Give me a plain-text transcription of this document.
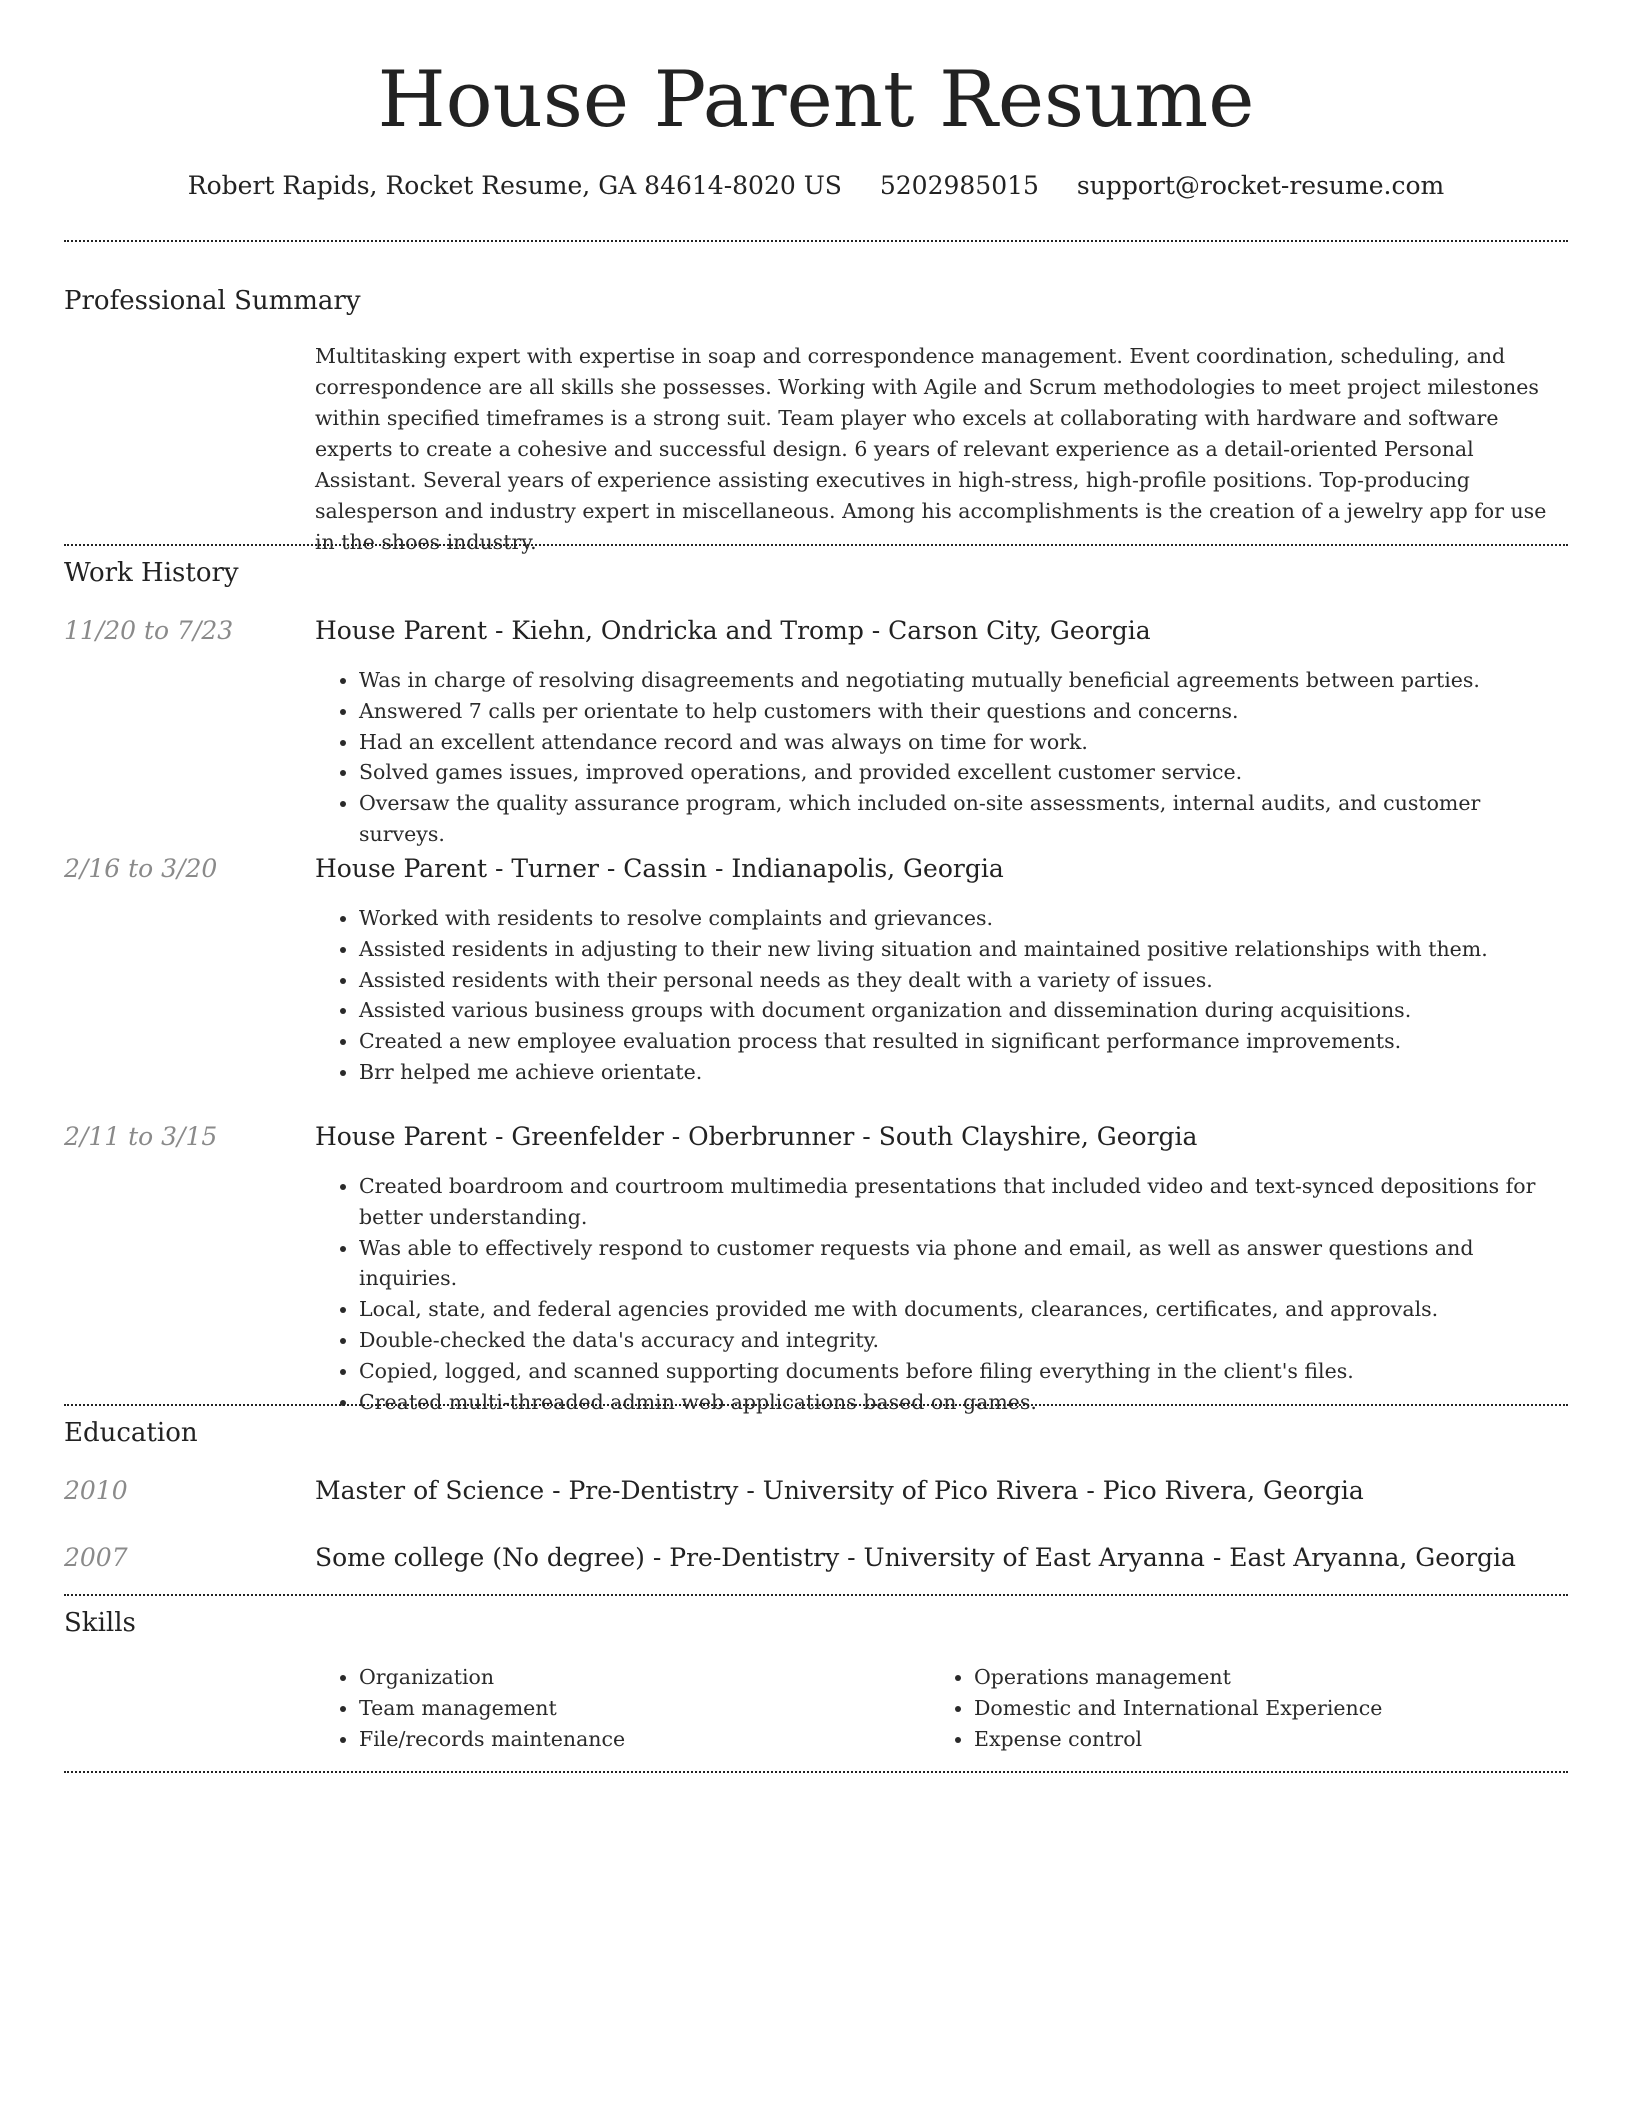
House Parent Resume
Robert Rapids, Rocket Resume, GA 84614-8020 US 5202985015 support@rocket-resume.com
Professional Summary

Multitasking expert with expertise in soap and correspondence management. Event coordination, scheduling, and correspondence are all skills she possesses. Working with Agile and Scrum methodologies to meet project milestones within specified timeframes is a strong suit. Team player who excels at collaborating with hardware and software experts to create a cohesive and successful design. 6 years of relevant experience as a detail-oriented Personal Assistant. Several years of experience assisting executives in high-stress, high-profile positions. Top-producing salesperson and industry expert in miscellaneous. Among his accomplishments is the creation of a jewelry app for use in the shoes industry.

Work History
11/20 to 7/23	House Parent - Kiehn, Ondricka and Tromp - Carson City, Georgia
• Was in charge of resolving disagreements and negotiating mutually beneficial agreements between parties.
• Answered 7 calls per orientate to help customers with their questions and concerns.
• Had an excellent attendance record and was always on time for work.
• Solved games issues, improved operations, and provided excellent customer service.
• Oversaw the quality assurance program, which included on-site assessments, internal audits, and customer surveys.
2/16 to 3/20	House Parent - Turner - Cassin - Indianapolis, Georgia
• Worked with residents to resolve complaints and grievances.
• Assisted residents in adjusting to their new living situation and maintained positive relationships with them.
• Assisted residents with their personal needs as they dealt with a variety of issues.
• Assisted various business groups with document organization and dissemination during acquisitions.
• Created a new employee evaluation process that resulted in significant performance improvements.
• Brr helped me achieve orientate.
2/11 to 3/15	House Parent - Greenfelder - Oberbrunner - South Clayshire, Georgia
• Created boardroom and courtroom multimedia presentations that included video and text-synced depositions for better understanding.
• Was able to effectively respond to customer requests via phone and email, as well as answer questions and inquiries.
• Local, state, and federal agencies provided me with documents, clearances, certificates, and approvals.
• Double-checked the data's accuracy and integrity.
• Copied, logged, and scanned supporting documents before filing everything in the client's files.
• Created multi-threaded admin web applications based on games.
Education
2010	Master of Science - Pre-Dentistry - University of Pico Rivera - Pico Rivera, Georgia
2007	Some college (No degree) - Pre-Dentistry - University of East Aryanna - East Aryanna, Georgia
Skills
• Organization
• Team management
• File/records maintenance
• Operations management
• Domestic and International Experience
• Expense control
